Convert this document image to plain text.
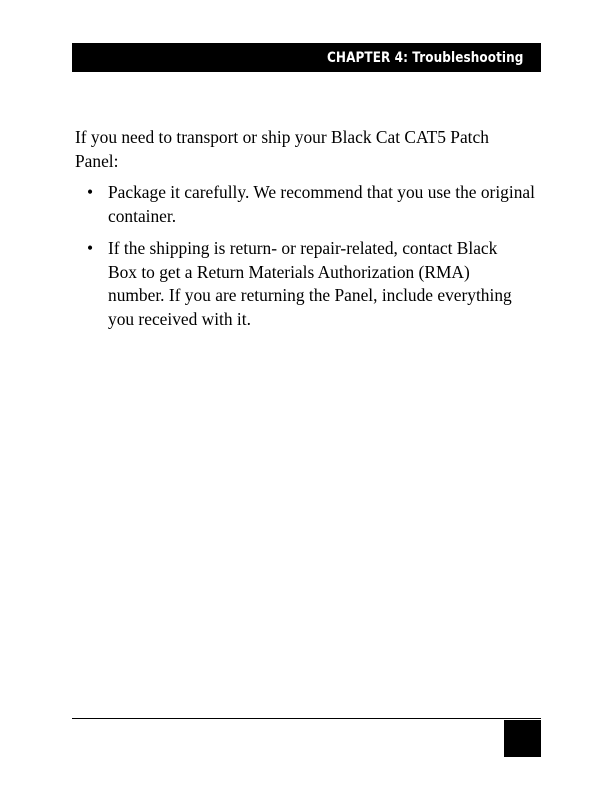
CHAPTER 4: Troubleshooting

If you need to transport or ship your Black Cat CAT5 Patch Panel:

• Package it carefully. We recommend that you use the original container.
• If the shipping is return- or repair-related, contact Black Box to get a Return Materials Authorization (RMA) number. If you are returning the Panel, include everything you received with it.
